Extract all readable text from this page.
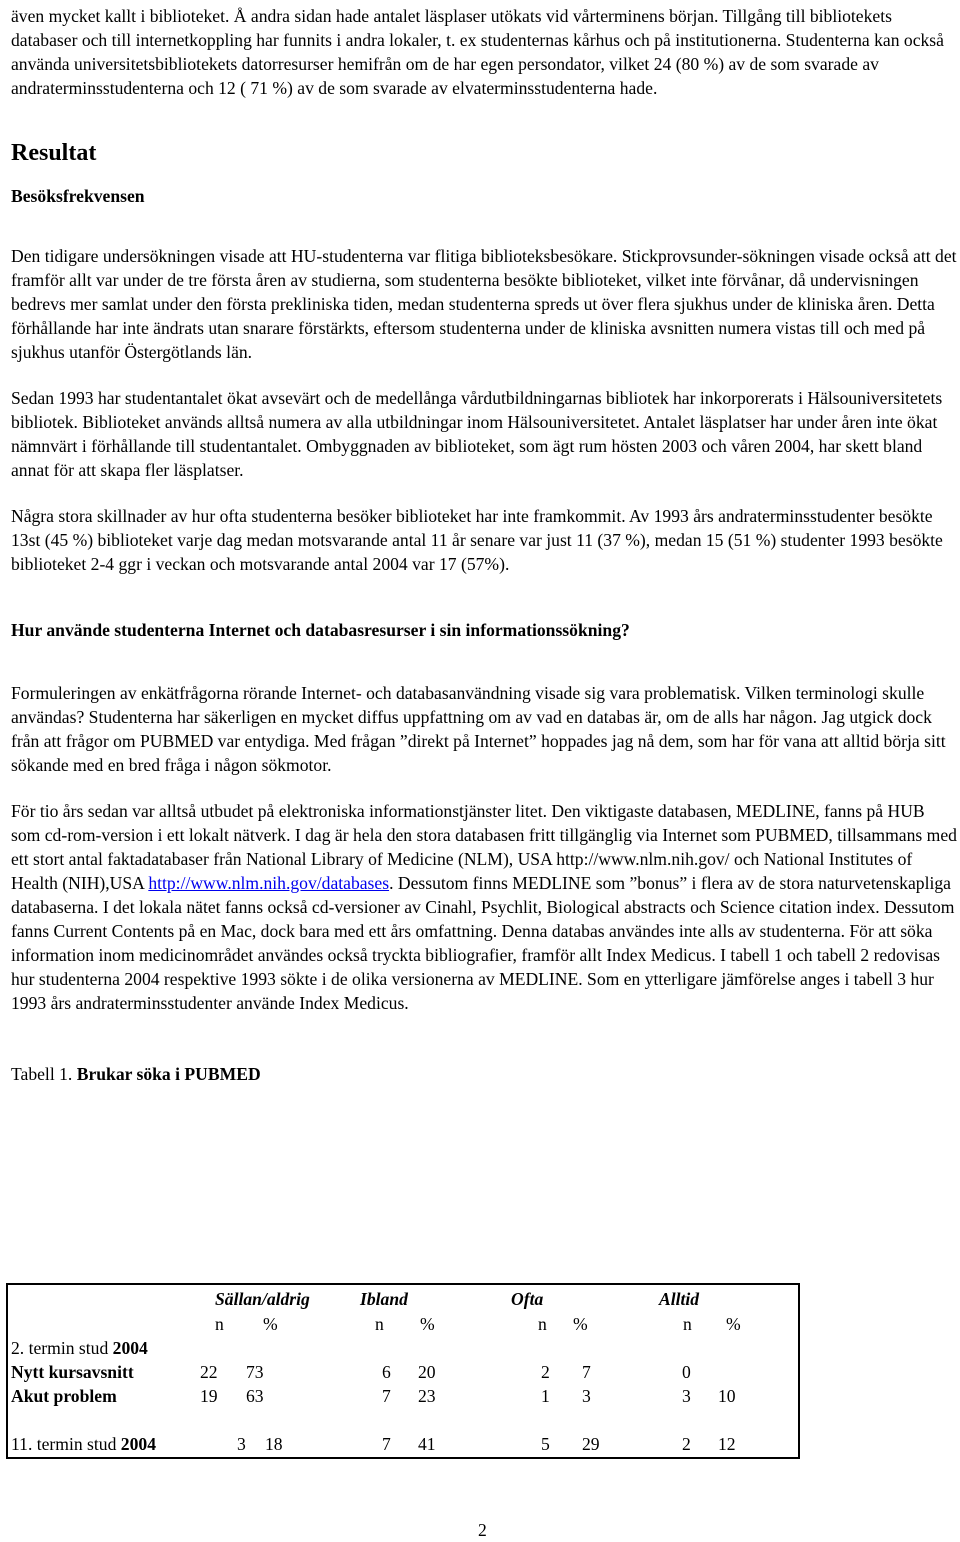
även mycket kallt i biblioteket. Å andra sidan hade antalet läsplaser utökats vid vårterminens början. Tillgång till bibliotekets databaser och till internetkoppling har funnits i andra lokaler, t. ex studenternas kårhus och på institutionerna. Studenterna kan också använda universitetsbibliotekets datorresurser hemifrån om de har egen persondator, vilket 24 (80 %) av de som svarade av andraterminsstudenterna och 12 ( 71 %) av de som svarade av elvaterminsstudenterna hade.

Resultat

Besöksfrekvensen

Den tidigare undersökningen visade att HU-studenterna var flitiga biblioteksbesökare. Stickprovsunder-sökningen visade också att det framför allt var under de tre första åren av studierna, som studenterna besökte biblioteket, vilket inte förvånar, då undervisningen bedrevs mer samlat under den första prekliniska tiden, medan studenterna spreds ut över flera sjukhus under de kliniska åren. Detta förhållande har inte ändrats utan snarare förstärkts, eftersom studenterna under de kliniska avsnitten numera vistas till och med på sjukhus utanför Östergötlands län.

Sedan 1993 har studentantalet ökat avsevärt och de medellånga vårdutbildningarnas bibliotek har inkorporerats i Hälsouniversitetets bibliotek. Biblioteket används alltså numera av alla utbildningar inom Hälsouniversitetet. Antalet läsplatser har under åren inte ökat nämnvärt i förhållande till studentantalet. Ombyggnaden av biblioteket, som ägt rum hösten 2003 och våren 2004, har skett bland annat för att skapa fler läsplatser.

Några stora skillnader av hur ofta studenterna besöker biblioteket har inte framkommit. Av 1993 års andraterminsstudenter besökte 13st (45 %) biblioteket varje dag medan motsvarande antal 11 år senare var just 11 (37 %), medan 15 (51 %) studenter 1993 besökte biblioteket 2-4 ggr i veckan och motsvarande antal 2004 var 17 (57%).

Hur använde studenterna Internet och databasresurser i sin informationssökning?

Formuleringen av enkätfrågorna rörande Internet- och databasanvändning visade sig vara problematisk. Vilken terminologi skulle användas? Studenterna har säkerligen en mycket diffus uppfattning om av vad en databas är, om de alls har någon. Jag utgick dock från att frågor om PUBMED var entydiga. Med frågan ”direkt på Internet” hoppades jag nå dem, som har för vana att alltid börja sitt sökande med en bred fråga i någon sökmotor.

För tio års sedan var alltså utbudet på elektroniska informationstjänster litet. Den viktigaste databasen, MEDLINE, fanns på HUB som cd-rom-version i ett lokalt nätverk. I dag är hela den stora databasen fritt tillgänglig via Internet som PUBMED, tillsammans med ett stort antal faktadatabaser från National Library of Medicine (NLM), USA http://www.nlm.nih.gov/ och National Institutes of Health (NIH),USA http://www.nlm.nih.gov/databases. Dessutom finns MEDLINE som ”bonus” i flera av de stora naturvetenskapliga databaserna. I det lokala nätet fanns också cd-versioner av Cinahl, Psychlit, Biological abstracts och Science citation index. Dessutom fanns Current Contents på en Mac, dock bara med ett års omfattning. Denna databas användes inte alls av studenterna. För att söka information inom medicinområdet användes också tryckta bibliografier, framför allt Index Medicus. I tabell 1 och tabell 2 redovisas hur studenterna 2004 respektive 1993 sökte i de olika versionerna av MEDLINE. Som en ytterligare jämförelse anges i tabell 3 hur 1993 års andraterminsstudenter använde Index Medicus.

Tabell 1. Brukar söka i PUBMED

Sällan/aldrig	Ibland	Ofta	Alltid
n %	n %	n %	n %
2. termin stud 2004
Nytt kursavsnitt	22 73	6 20	2 7	0
Akut problem	19 63	7 23	1 3	3 10
11. termin stud 2004	3 18	7 41	5 29	2 12
2
